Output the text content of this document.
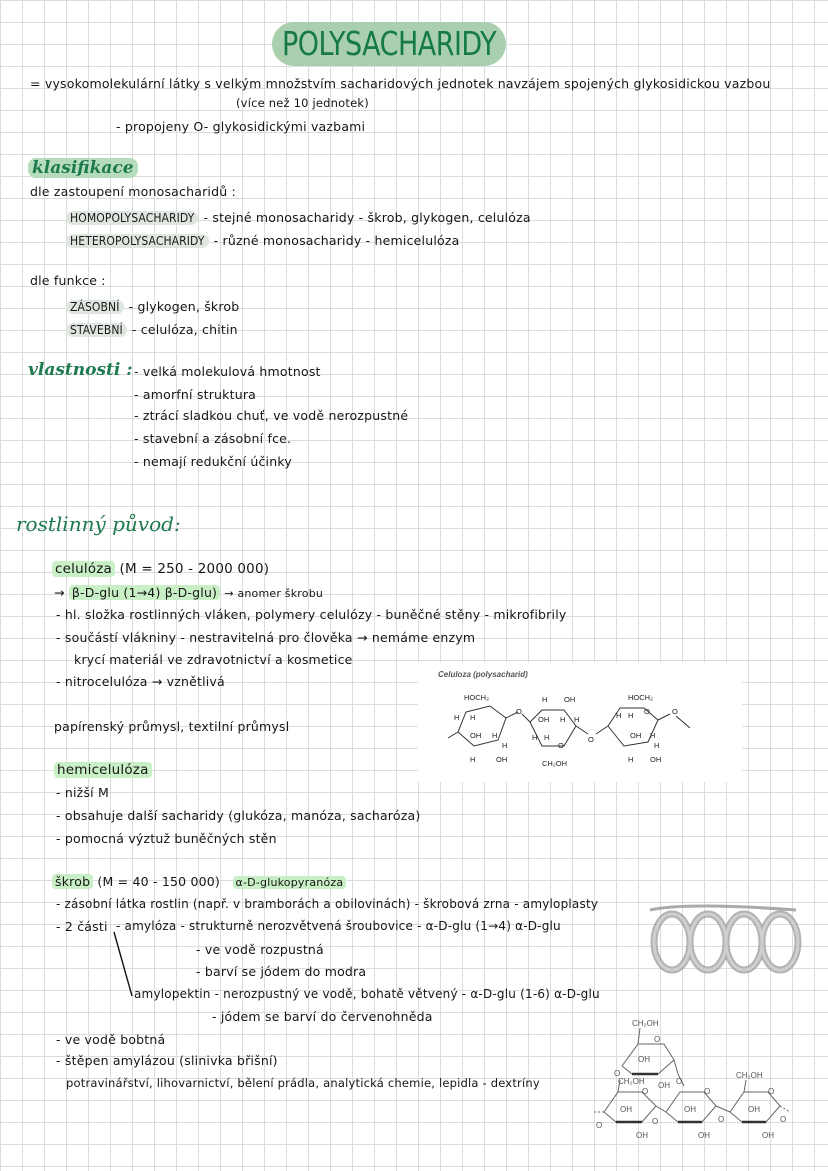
POLYSACHARIDY
= vysokomolekulární látky s velkým množstvím sacharidových jednotek navzájem spojených glykosidickou vazbou
(více než 10 jednotek)
- propojeny O- glykosidickými vazbami
klasifikace
dle zastoupení monosacharidů :
HOMOPOLYSACHARIDY - stejné monosacharidy - škrob, glykogen, celulóza
HETEROPOLYSACHARIDY - různé monosacharidy - hemicelulóza
dle funkce :
ZÁSOBNÍ - glykogen, škrob
STAVEBNÍ - celulóza, chitin
vlastnosti : - velká molekulová hmotnost
- amorfní struktura
- ztrácí sladkou chuť, ve vodě nerozpustné
- stavební a zásobní fce.
- nemají redukční účinky
rostlinný původ:
celulóza (M = 250 - 2000 000)
→ β-D-glu (1→4) β-D-glu) → anomer škrobu
- hl. složka rostlinných vláken, polymery celulózy - buněčné stěny - mikrofibrily
- součástí vlákniny - nestravitelná pro člověka → nemáme enzym
krycí materiál ve zdravotnictví a kosmetice
- nitrocelulóza → vznětlivá
papírenský průmysl, textilní průmysl
Celuloza (polysacharid)
HOCH₂
H H
OH H
H
H	OH
O
H OH
OH H H
H H
O
CH₂OH
O
HOCH₂
H H O
OH H
H
H OH
O
hemicelulóza
- nižší M
- obsahuje další sacharidy (glukóza, manóza, sacharóza)
- pomocná výztuž buněčných stěn
škrob (M = 40 - 150 000) α-D-glukopyranóza
- zásobní látka rostlin (např. v bramborách a obilovinách) - škrobová zrna - amyloplasty
- 2 části - amylóza - strukturně nerozvětvená šroubovice - α-D-glu (1→4) α-D-glu
- ve vodě rozpustná
- barví se jódem do modra
amylopektin - nerozpustný ve vodě, bohatě větvený - α-D-glu (1-6) α-D-glu
- jódem se barví do červenohněda
- ve vodě bobtná
- štěpen amylázou (slinivka břišní)
potravinářství, lihovarnictví, bělení prádla, analytická chemie, lepidla - dextríny
CH₂OH
O
OH
O
OH O
CH₂OH
O
OH
O
OH
O
O
OH
OH
O
CH₂OH
O
OH
OH
O
